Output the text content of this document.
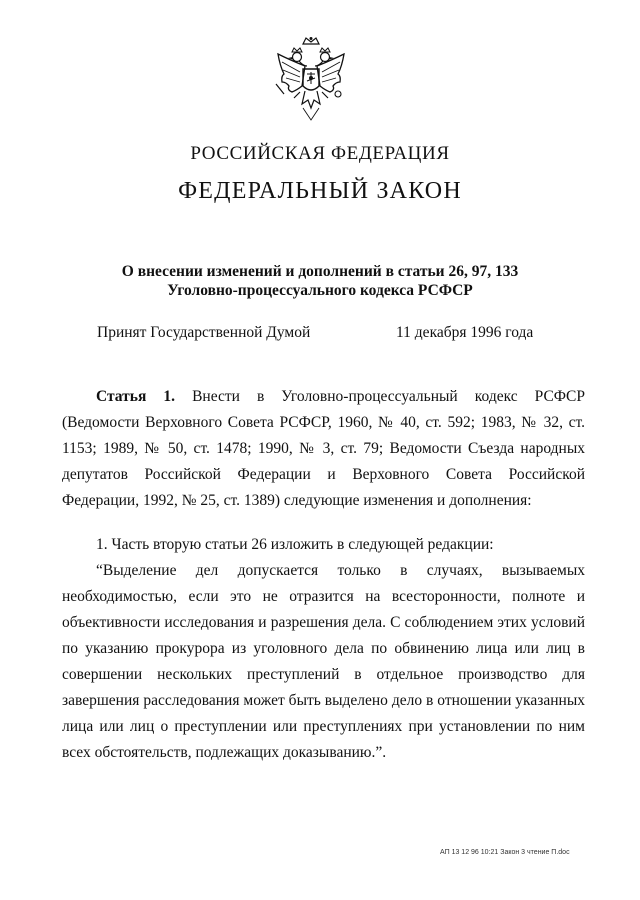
РОССИЙСКАЯ ФЕДЕРАЦИЯ
ФЕДЕРАЛЬНЫЙ ЗАКОН
О внесении изменений и дополнений в статьи 26, 97, 133
Уголовно-процессуального кодекса РСФСР
Принят Государственной Думой	11 декабря 1996 года
Статья 1. Внести в Уголовно-процессуальный кодекс РСФСР (Ведомости Верховного Совета РСФСР, 1960, № 40, ст. 592; 1983, № 32, ст. 1153; 1989, № 50, ст. 1478; 1990, № 3, ст. 79; Ведомости Съезда народных депутатов Российской Федерации и Верховного Совета Российской Федерации, 1992, № 25, ст. 1389) следующие изменения и дополнения:
1. Часть вторую статьи 26 изложить в следующей редакции:
“Выделение дел допускается только в случаях, вызываемых необходимостью, если это не отразится на всесторонности, полноте и объективности исследования и разрешения дела. С соблюдением этих условий по указанию прокурора из уголовного дела по обвинению лица или лиц в совершении нескольких преступлений в отдельное производство для завершения расследования может быть выделено дело в отношении указанных лица или лиц о преступлении или преступлениях при установлении по ним всех обстоятельств, подлежащих доказыванию.”.
АП 13 12 96 10:21 Закон 3 чтение П.doc
